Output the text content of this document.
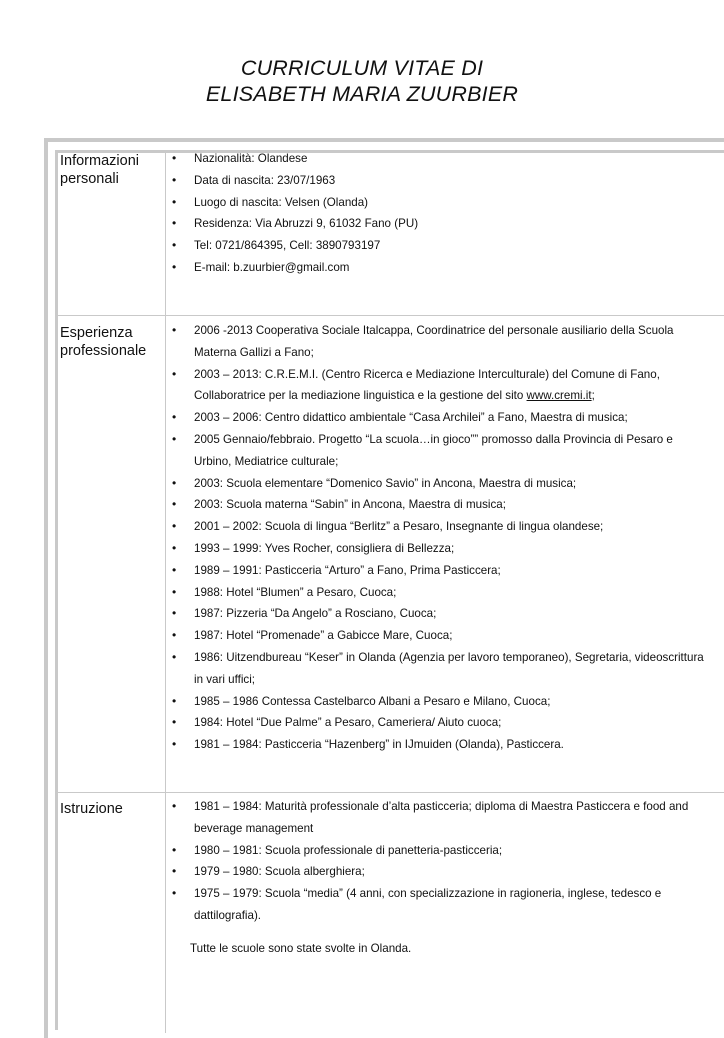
CURRICULUM VITAE DI
ELISABETH MARIA ZUURBIER
Informazioni
personali
• Nazionalità: Olandese
• Data di nascita: 23/07/1963
• Luogo di nascita: Velsen (Olanda)
• Residenza: Via Abruzzi 9, 61032 Fano (PU)
• Tel: 0721/864395, Cell: 3890793197
• E-mail: b.zuurbier@gmail.com
Esperienza
professionale
• 2006 -2013 Cooperativa Sociale Italcappa, Coordinatrice del personale ausiliario della Scuola Materna Gallizi a Fano;
• 2003 – 2013: C.R.E.M.I. (Centro Ricerca e Mediazione Interculturale) del Comune di Fano, Collaboratrice per la mediazione linguistica e la gestione del sito www.cremi.it;
• 2003 – 2006: Centro didattico ambientale “Casa Archilei” a Fano, Maestra di musica;
• 2005 Gennaio/febbraio. Progetto “La scuola…in gioco”” promosso dalla Provincia di Pesaro e Urbino, Mediatrice culturale;
• 2003: Scuola elementare “Domenico Savio” in Ancona, Maestra di musica;
• 2003: Scuola materna “Sabin” in Ancona, Maestra di musica;
• 2001 – 2002: Scuola di lingua “Berlitz” a Pesaro, Insegnante di lingua olandese;
• 1993 – 1999: Yves Rocher, consigliera di Bellezza;
• 1989 – 1991: Pasticceria “Arturo” a Fano, Prima Pasticcera;
• 1988: Hotel “Blumen” a Pesaro, Cuoca;
• 1987: Pizzeria “Da Angelo” a Rosciano, Cuoca;
• 1987: Hotel “Promenade” a Gabicce Mare, Cuoca;
• 1986: Uitzendbureau “Keser” in Olanda (Agenzia per lavoro temporaneo), Segretaria, videoscrittura in vari uffici;
• 1985 – 1986 Contessa Castelbarco Albani a Pesaro e Milano, Cuoca;
• 1984: Hotel “Due Palme” a Pesaro, Cameriera/ Aiuto cuoca;
• 1981 – 1984: Pasticceria “Hazenberg” in IJmuiden (Olanda), Pasticcera.
Istruzione
•	1981 – 1984: Maturità professionale d’alta pasticceria; diploma di Maestra Pasticcera e food and beverage management
• 1980 – 1981: Scuola professionale di panetteria-pasticceria;
• 1979 – 1980: Scuola alberghiera;
• 1975 – 1979: Scuola “media” (4 anni, con specializzazione in ragioneria, inglese, tedesco e dattilografia).
Tutte le scuole sono state svolte in Olanda.
